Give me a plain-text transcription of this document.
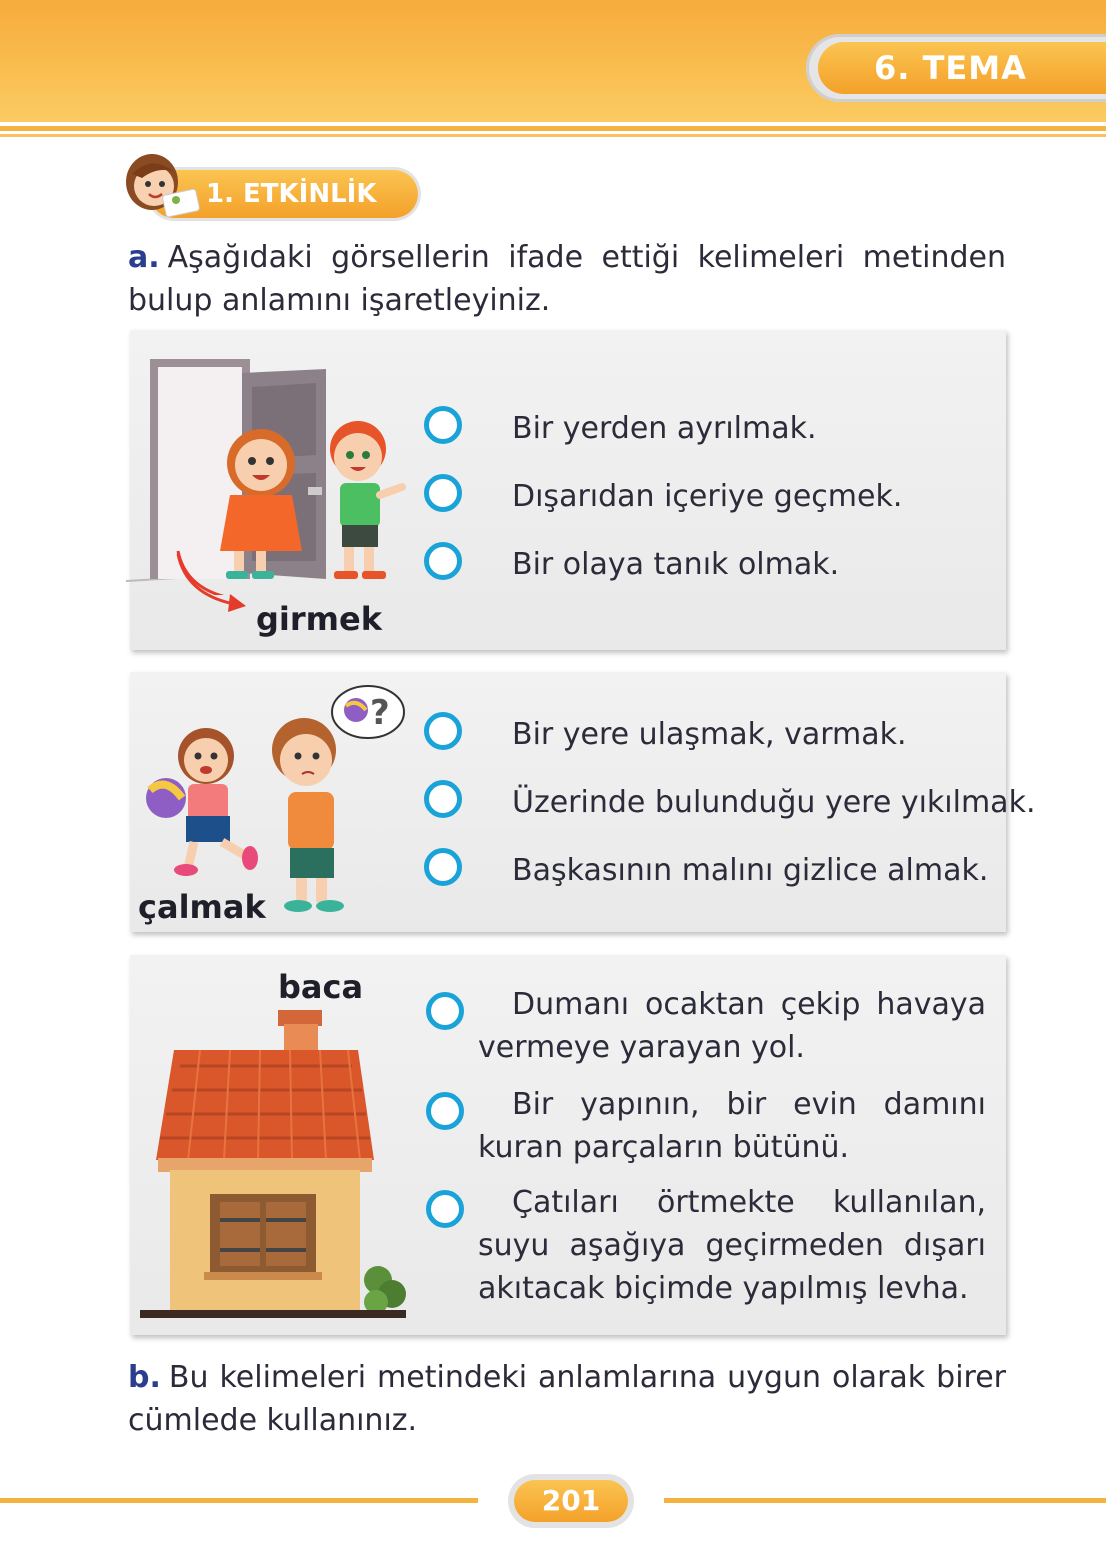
6. TEMA
1. ETKİNLİK
a. Aşağıdaki görsellerin ifade ettiği kelimeleri metinden bulup anlamını işaretleyiniz.
girmek
Bir yerden ayrılmak.
Dışarıdan içeriye geçmek.
Bir olaya tanık olmak.
?
çalmak
Bir yere ulaşmak, varmak.
Üzerinde bulunduğu yere yıkılmak.
Başkasının malını gizlice almak.
baca	Dumanı ocaktan çekip havaya vermeye yarayan yol.
Bir yapının, bir evin damını kuran parçaların bütünü.
Çatıları örtmekte kullanılan, suyu aşağıya geçirmeden dışarı akıtacak biçimde yapılmış levha.
b. Bu kelimeleri metindeki anlamlarına uygun olarak birer cümlede kullanınız.
201
